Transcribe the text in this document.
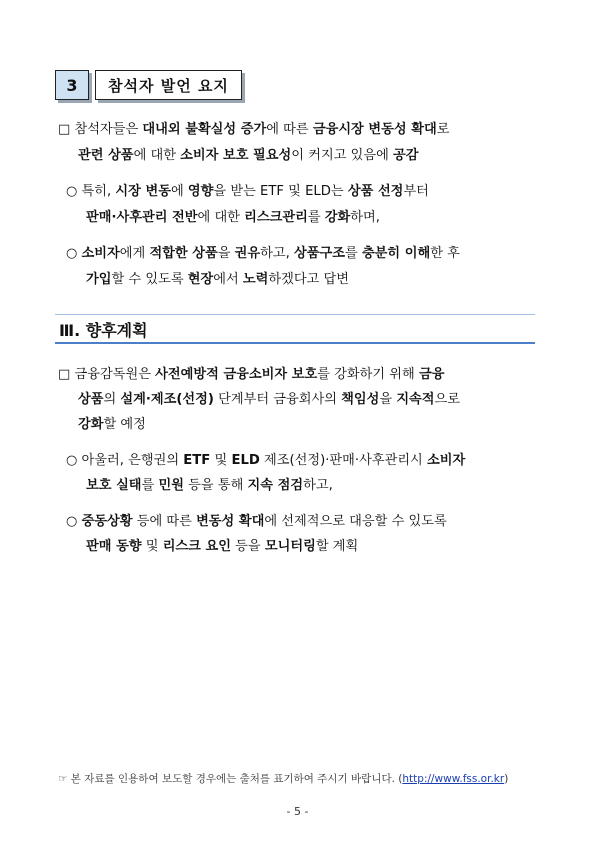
3 참석자 발언 요지
□ 참석자들은 대내외 불확실성 증가에 따른 금융시장 변동성 확대로
관련 상품에 대한 소비자 보호 필요성이 커지고 있음에 공감
○ 특히, 시장 변동에 영향을 받는 ETF 및 ELD는 상품 선정부터
판매·사후관리 전반에 대한 리스크관리를 강화하며,
○ 소비자에게 적합한 상품을 권유하고, 상품구조를 충분히 이해한 후
가입할 수 있도록 현장에서 노력하겠다고 답변
Ⅲ. 향후계획
□ 금융감독원은 사전예방적 금융소비자 보호를 강화하기 위해 금융
상품의 설계·제조(선정) 단계부터 금융회사의 책임성을 지속적으로
강화할 예정
○ 아울러, 은행권의 ETF 및 ELD 제조(선정)·판매·사후관리시 소비자
보호 실태를 민원 등을 통해 지속 점검하고,
○ 중동상황 등에 따른 변동성 확대에 선제적으로 대응할 수 있도록
판매 동향 및 리스크 요인 등을 모니터링할 계획
☞ 본 자료를 인용하여 보도할 경우에는 출처를 표기하여 주시기 바랍니다. (http://www.fss.or.kr)
- 5 -
